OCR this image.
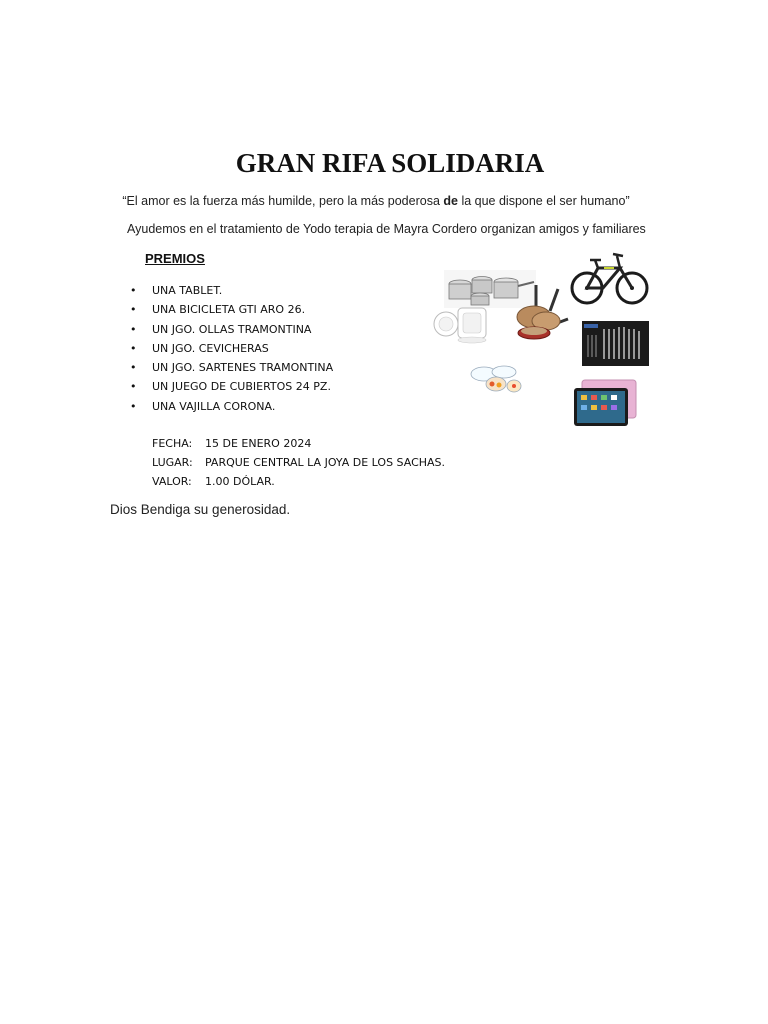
GRAN RIFA SOLIDARIA
“El amor es la fuerza más humilde, pero la más poderosa de la que dispone el ser humano”
Ayudemos en el tratamiento de Yodo terapia de Mayra Cordero organizan amigos y familiares
PREMIOS
• UNA TABLET.
• UNA BICICLETA GTI ARO 26.
• UN JGO. OLLAS TRAMONTINA
• UN JGO. CEVICHERAS
• UN JGO. SARTENES TRAMONTINA
• UN JUEGO DE CUBIERTOS 24 PZ.
• UNA VAJILLA CORONA.
FECHA: 15 DE ENERO 2024
LUGAR: PARQUE CENTRAL LA JOYA DE LOS SACHAS.
VALOR: 1.00 DÓLAR.
Dios Bendiga su generosidad.
